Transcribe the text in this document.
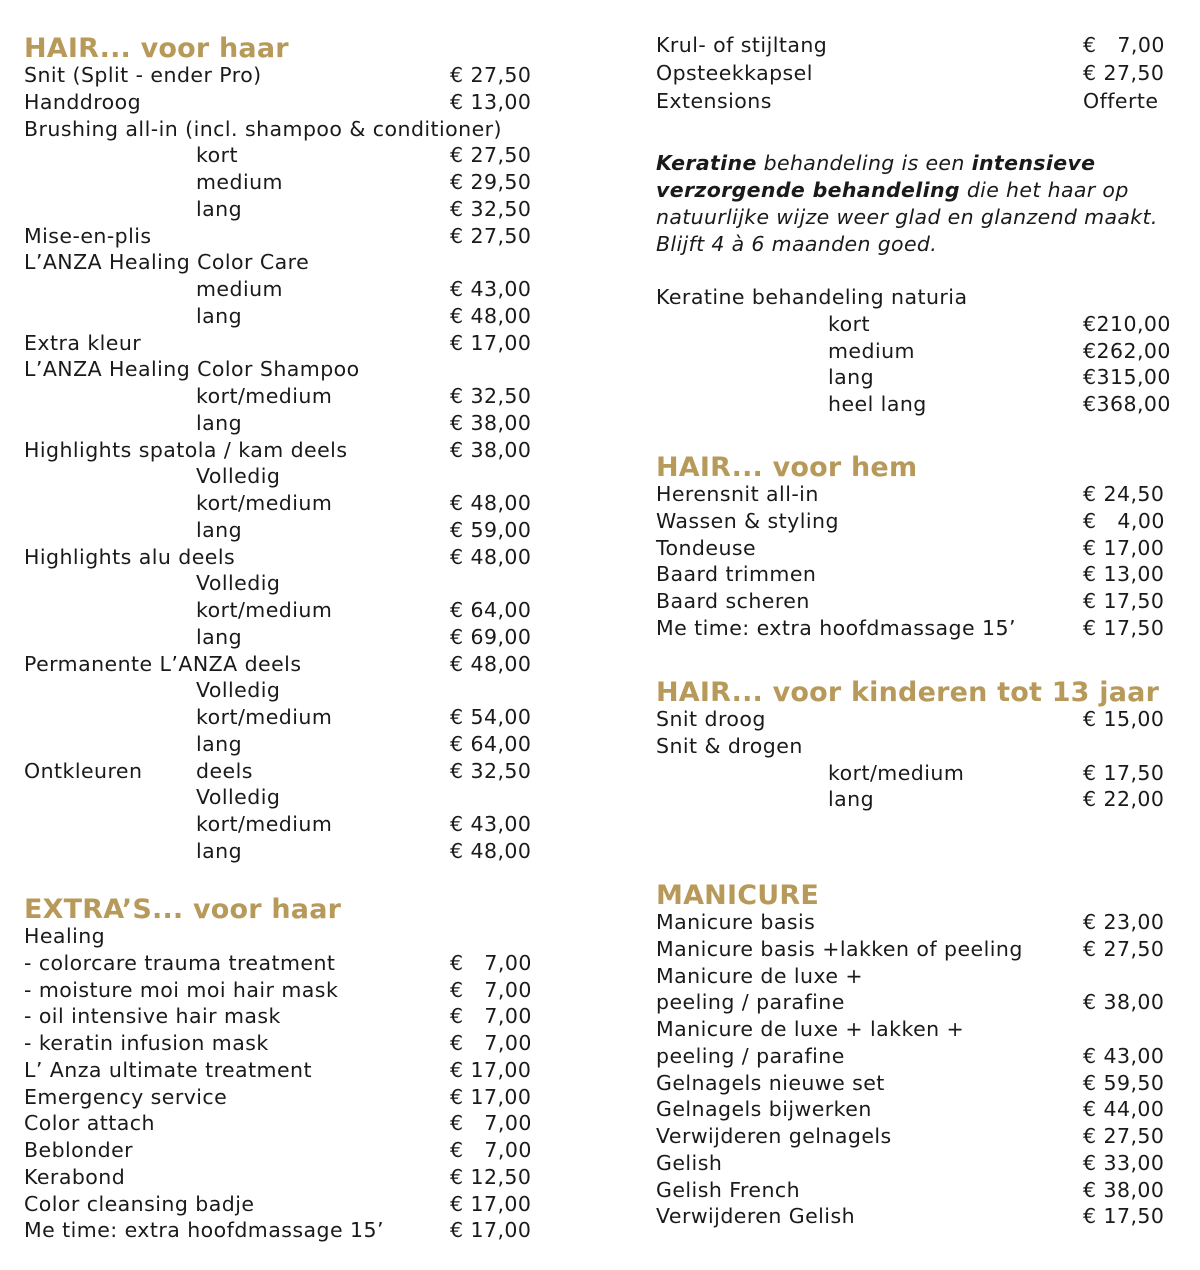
HAIR... voor haar
Snit (Split - ender Pro)	€ 27,50
Handdroog	€ 13,00
Brushing all-in (incl. shampoo & conditioner)
kort	€ 27,50
medium	€ 29,50
lang	€ 32,50
Mise-en-plis	€ 27,50
L’ANZA Healing Color Care
medium	€ 43,00
lang	€ 48,00
Extra kleur	€ 17,00
L’ANZA Healing Color Shampoo
kort/medium	€ 32,50
lang	€ 38,00
Highlights spatola / kam deels	€ 38,00
Volledig
kort/medium	€ 48,00
lang	€ 59,00
Highlights alu deels	€ 48,00
Volledig
kort/medium	€ 64,00
lang	€ 69,00
Permanente L’ANZA deels	€ 48,00
Volledig
kort/medium	€ 54,00
lang	€ 64,00
Ontkleuren	deels	€ 32,50
Volledig
kort/medium	€ 43,00
lang	€ 48,00
EXTRA’S... voor haar
Healing
- colorcare trauma treatment	€   7,00
- moisture moi moi hair mask	€   7,00
- oil intensive hair mask	€   7,00
- keratin infusion mask	€   7,00
L’ Anza ultimate treatment	€ 17,00
Emergency service	€ 17,00
Color attach	€   7,00
Beblonder	€   7,00
Kerabond	€ 12,50
Color cleansing badje	€ 17,00
Me time: extra hoofdmassage 15’	€ 17,00
Krul- of stijltang	€   7,00
Opsteekkapsel	€ 27,50
Extensions	Offerte
Keratine behandeling is een intensieve verzorgende behandeling die het haar op natuurlijke wijze weer glad en glanzend maakt. Blijft 4 à 6 maanden goed.
Keratine behandeling naturia
kort	€210,00
medium	€262,00
lang	€315,00
heel lang	€368,00
HAIR... voor hem
Herensnit all-in	€ 24,50
Wassen & styling	€   4,00
Tondeuse	€ 17,00
Baard trimmen	€ 13,00
Baard scheren	€ 17,50
Me time: extra hoofdmassage 15’	€ 17,50
HAIR... voor kinderen tot 13 jaar
Snit droog	€ 15,00
Snit & drogen
kort/medium	€ 17,50
lang	€ 22,00
MANICURE
Manicure basis	€ 23,00
Manicure basis +lakken of peeling	€ 27,50
Manicure de luxe +
peeling / parafine	€ 38,00
Manicure de luxe + lakken +
peeling / parafine	€ 43,00
Gelnagels nieuwe set	€ 59,50
Gelnagels bijwerken	€ 44,00
Verwijderen gelnagels	€ 27,50
Gelish	€ 33,00
Gelish French	€ 38,00
Verwijderen Gelish	€ 17,50
